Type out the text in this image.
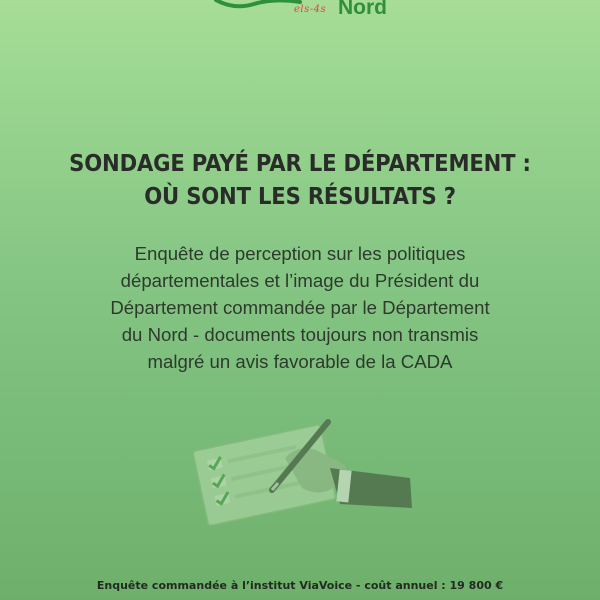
els-4s Nord
SONDAGE PAYÉ PAR LE DÉPARTEMENT :
OÙ SONT LES RÉSULTATS ?
Enquête de perception sur les politiques
départementales et l’image du Président du
Département commandée par le Département
du Nord - documents toujours non transmis
malgré un avis favorable de la CADA
Enquête commandée à l’institut ViaVoice - coût annuel : 19 800 €
